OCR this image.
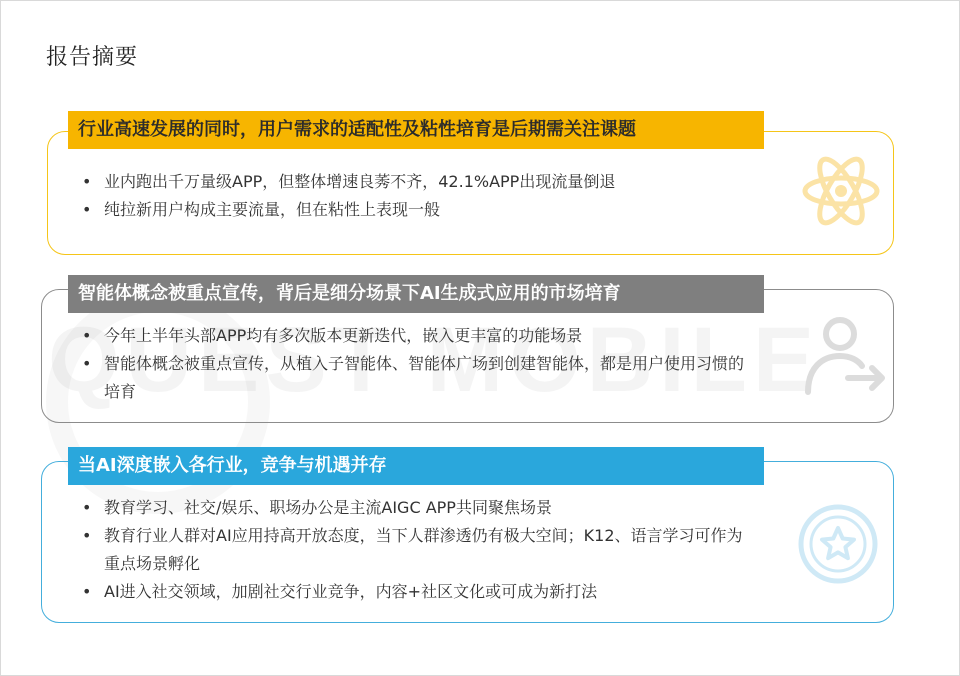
报告摘要
行业高速发展的同时，用户需求的适配性及粘性培育是后期需关注课题
• 业内跑出千万量级APP，但整体增速良莠不齐，42.1%APP出现流量倒退
• 纯拉新用户构成主要流量，但在粘性上表现一般
智能体概念被重点宣传，背后是细分场景下AI生成式应用的市场培育
• 今年上半年头部APP均有多次版本更新迭代，嵌入更丰富的功能场景
• 智能体概念被重点宣传，从植入子智能体、智能体广场到创建智能体，都是用户使用习惯的培育
当AI深度嵌入各行业，竞争与机遇并存
• 教育学习、社交/娱乐、职场办公是主流AIGC APP共同聚焦场景
• 教育行业人群对AI应用持高开放态度，当下人群渗透仍有极大空间；K12、语言学习可作为重点场景孵化
• AI进入社交领域，加剧社交行业竞争，内容+社区文化或可成为新打法
